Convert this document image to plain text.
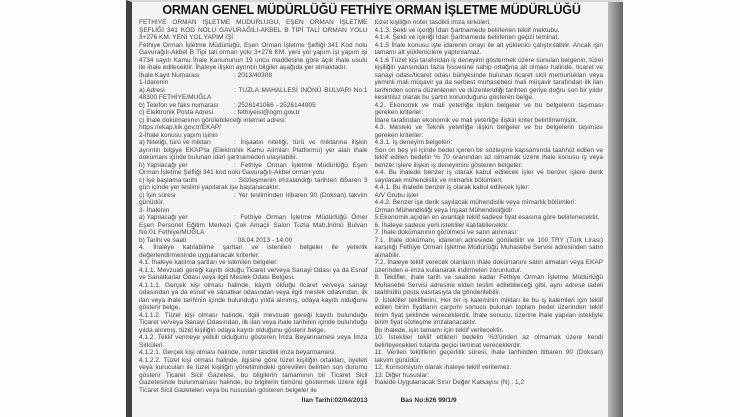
ORMAN GENEL MÜDÜRLÜĞÜ FETHİYE ORMAN İŞLETME MÜDÜRLÜĞÜ

FETHİYE ORMAN İŞLETME MÜDÜRLÜĞÜ, EŞEN ORMAN İŞLETME ŞEFLİĞİ 341 KOD NOLU GAVURAĞILI-AKBEL B TİPİ TALİ ORMAN YOLU 3+276 KM. YENİ YOL YAPIM İŞİ

Fethiye Orman İşletme Müdürlüğü, Eşen Orman İşletme Şefliği 341 Kod nolu Gavurağılı-Akbel B Tipi tali orman yolu 3+276 KM. yeni yol yapım işi yapım işi 4734 sayılı Kamu İhale Kanununun 19 uncu maddesine göre açık ihale usulü ile ihale edilecektir. İhaleye ilişkin ayrıntılı bilgiler aşağıda yer almaktadır.

İhale Kayıt Numarası	: 2013/40308

1-İdarenin

a) Adresi	: TUZLA MAHALLESİ İNÖNÜ BULVARI No:1 48300 FETHİYE/MUĞLA

b) Telefon ve faks numarası : 2526141066 - 2526144905

c) Elektronik Posta Adresi	: fethiyeisl@ogm.gov.tr

ç) İhale dokümanının görülebileceği internet adresi: https://ekap.kik.gov.tr/EKAP/

2-İhale konusu yapım işinin

a) Niteliği, türü ve miktarı	: İnşaatın niteliği, türü ve miktarına ilişkin ayrıntılı bilgiye EKAP'ta (Elektronik Kamu Alımları Platformu) yer alan ihale dokümanı içinde bulunan idari şartnameden ulaşılabilir.

b) Yapılacağı yer	: Fethiye Orman İşletme Müdürlüğü Eşen Orman İşletme Şefliği 341 kod nolu Gavurağılı-Akbel orman yolu

c) İşe başlama tarihi	: Sözleşmenin imzalandığı tarihten itibaren 3 gün içinde yer teslimi yapılarak işe başlanacaktır.

ç) İşin süresi	: Yer tesliminden itibaren 90 (Doksan) takvim günüdür.

3- İhalenin

a) Yapılacağı yer	: Fethiye Orman İşletme Müdürlüğü Ömer Eşen Personel Eğitim Merkezi Çok Amaçlı Salon Tuzla Mah.İnönü Bulvarı No:01 Fethiye/MUĞLA

b) Tarihi ve saati	: 08.04.2013 - 14:00

4. İhaleye katılabilme şartları ve istenilen belgeler ile yeterlik değerlendirmesinde uygulanacak kriterler:

4.1. İhaleye katılma şartları ve istenilen belgeler:

4.1.1. Mevzuatı gereği kayıtlı olduğu Ticaret ve/veya Sanayi Odası ya da Esnaf ve Sanatkarlar Odası veya ilgili Meslek Odası Belgesi.

4.1.1.1. Gerçek kişi olması halinde, kayıtlı olduğu ticaret ve/veya sanayi odasından ya da esnaf ve sânatkar odasından veya ilgili meslek odasından, ilk ilan veya ihale tarihinin içinde bulunduğu yılda alınmış, odaya kayıtlı olduğunu gösterir belge,

4.1.1.2. Tüzel kişi olması halinde, ilgili mevzuatı gereği kayıtlı bulunduğu Ticaret ve/veya Sanayi Odasından, ilk ilan veya ihale tarihinin içinde bulunduğu yılda alınmış, tüzel kişiliğin odaya kayıtlı olduğunu gösterir belge,

4.1.2. Teklif vermeye yetkili olduğunu gösteren İmza Beyannamesi veya İmza Sirküleri.

4.1.2.1. Gerçek kişi olması halinde, noter tasdikli imza beyannamesi.

4.1.2.2. Tüzel kişi olması halinde, ilgisine göre tüzel kişiliğin ortakları, üyeleri veya kurucuları ile tüzel kişiliğin yönetimindeki görevlileri belirten son durumu gösterir Ticaret Sicil Gazetesi, bu bilgilerin tamamının bir Ticaret Sicil Gazetesinde bulunmaması halinde, bu bilgilerin tümünü göstermek üzere ilgili Ticaret Sicil Gazeteleri veya bu hususları gösteren belgeler ile

İlan Tarihi:02/04/2013

tüzel kişiliğin noter tasdikli imza sirküleri,

4.1.3. Şekli ve içeriği İdari Şartnamede belirlenen teklif mektubu.

4.1.4. Şekli ve içeriği İdari Şartnamede belirlenen geçici teminat.

4.1.5 İhale konusu işte idarenin onayı ile alt yüklenici çalıştırılabilir. Ancak işin tamamı alt yüklenicilere yaptırılamaz.

4.1.6 Tüzel kişi tarafından iş deneyimi göstermek üzere sunulan belgenin, tüzel kişiliğin yarısından fazla hissesine sahip ortağına ait olması halinde, ticaret ve sanayi odası/ticaret odası bünyesinde bulunan ticaret sicil memurlukları veya yeminli mali müşavir ya da serbest muhasebeci mali müşavir tarafından ilk ilan tarihinden sonra düzenlenen ve düzenlendiği tarihten geriye doğru son bir yıldır kesintisiz olarak bu şartın korunduğunu gösteren belge.

4.2. Ekonomik ve mali yeterliğe ilişkin belgeler ve bu belgelerin taşıması gereken kriterler:

İdare tarafından ekonomik ve mali yeterliğe ilişkin kriter belirtilmemiştir.

4.3. Mesleki ve Teknik yeterliğe ilişkin belgeler ve bu belgelerin taşıması gereken kriterler:

4.3.1. İş deneyim belgeleri:

Son on beş yıl içinde bedel içeren bir sözleşme kapsamında taahhüt edilen ve teklif edilen bedelin % 70 oranından az olmamak üzere ihale konusu iş veya benzer işlere ilişkin iş deneyimini gösteren belgeler.

4.4. Bu ihalede benzer iş olarak kabul edilecek işler ve benzer işlere denk sayılacak mühendislik ve mimarlık bölümleri:

4.4.1. Bu ihalede benzer iş olarak kabul edilecek işler:

A/V Grubu işler

4.4.2. Benzer işe denk sayılacak mühendislik veya mimarlık bölümleri:

Orman Mühendisliği veya İnşaat Mühendisliğidir

5.Ekonomik açıdan en avantajlı teklif sadece fiyat esasına göre belirlenecektir.

6. İhaleye sadece yerli istekliler katılabilecektir.

7. İhale dokümanının görülmesi ve satın alınması:

7.1. İhale dokümanı, idarenin adresinde görülebilir ve 100 TRY (Türk Lirası) karşılığı Fethiye Orman İşletme Müdürlüğü Muhasebe Servisi adresinden satın alınabilir.

7.2. İhaleye teklif verecek olanların ihale dokümanını satın almaları veya EKAP üzerinden e-imza kullanarak indirmeleri zorunludur.

8. Teklifler, ihale tarih ve saatine kadar Fethiye Orman İşletme Müdürlüğü Muhasebe Servisi adresine elden teslim edilebileceği gibi, aynı adrese iadeli taahhütlü posta vasıtasıyla da gönderilebilir.

9. İstekliler tekliflerini, Her bir iş kaleminin miktarı ile bu iş kalemleri için teklif edilen birim fiyatların çarpımı sonucu bulunan toplam bedel üzerinden teklif birim fiyat şeklinde vereceklerdir. İhale sonucu, üzerine ihale yapılan istekliyle birim fiyat sözleşme imzalanacaktır.

Bu ihalede, işin tamamı için teklif verilecektir.

10. İstekliler teklif ettikleri bedelin %3'ünden az olmamak üzere kendi belirleyecekleri tutarda geçici teminat vereceklerdir.

11. Verilen tekliflerin geçerlilik süresi, ihale tarihinden itibaren 90 (Doksan) takvim günüdür.

12. Konsorsiyum olarak ihaleye teklif verilemez.

13. Diğer hususlar:

İhalede Uygulanacak Sınır Değer Katsayısı (N) : 1,2

Bas No:626 99/1/9
